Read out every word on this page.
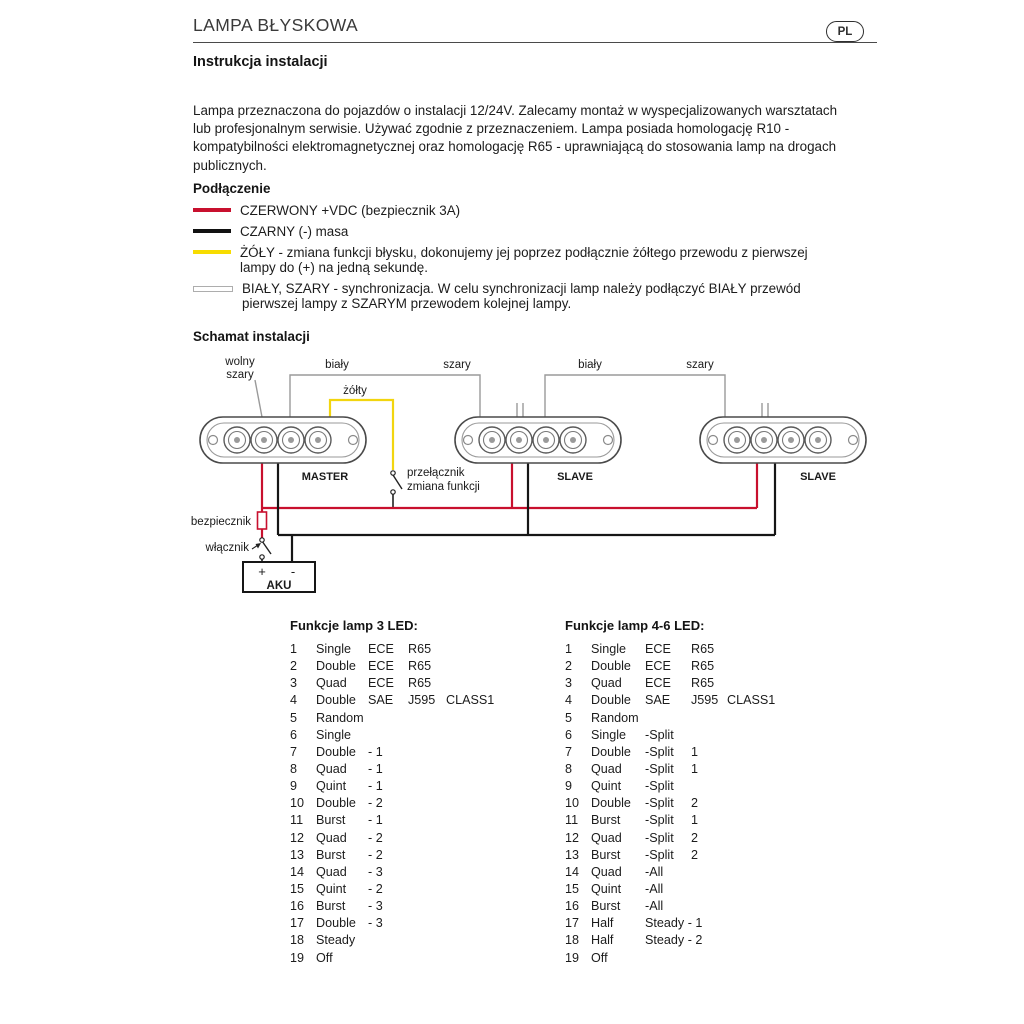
LAMPA BŁYSKOWA	PL
Instrukcja instalacji
Lampa przeznaczona do pojazdów o instalacji 12/24V. Zalecamy montaż w wyspecjalizowanych warsztatach lub profesjonalnym serwisie. Używać zgodnie z przeznaczeniem. Lampa posiada homologację R10 - kompatybilności elektromagnetycznej oraz homologację R65 - uprawniającą do stosowania lamp na drogach publicznych.
Podłączenie
CZERWONY +VDC (bezpiecznik 3A)
CZARNY (-) masa
ŻÓŁY - zmiana funkcji błysku, dokonujemy jej poprzez podłącznie żółtego przewodu z pierwszej lampy do (+) na jedną sekundę.
BIAŁY, SZARY - synchronizacja. W celu synchronizacji lamp należy podłączyć BIAŁY przewód pierwszej lampy z SZARYM przewodem kolejnej lampy.
Schamat instalacji
+ -
AKU
wolny
szary
biały	szary	biały	szary
żółty
MASTER	SLAVE	SLAVE
przełącznik
zmiana funkcji
bezpiecznik
włącznik
Funkcje lamp 3 LED:
1	Single	ECE	R65
2	Double ECE	R65
3	Quad	ECE	R65
4	Double SAE	J595 CLASS1
5	Random
6	Single
7	Double - 1
8	Quad	- 1
9	Quint	- 1
10 Double - 2
11	Burst	- 1
12 Quad	- 2
13 Burst	- 2
14 Quad	- 3
15 Quint	- 2
16 Burst	- 3
17 Double - 3
18 Steady
19 Off
Funkcje lamp 4-6 LED:
1	Single	ECE	R65
2	Double	ECE	R65
3	Quad	ECE	R65
4	Double	SAE	J595 CLASS1
5	Random
6	Single	-Split
7	Double	-Split	1
8	Quad	-Split	1
9	Quint	-Split
10 Double	-Split	2
11	Burst	-Split	1
12 Quad	-Split	2
13 Burst	-Split	2
14 Quad	-All
15 Quint	-All
16 Burst	-All
17 Half	Steady - 1
18 Half	Steady - 2
19 Off
